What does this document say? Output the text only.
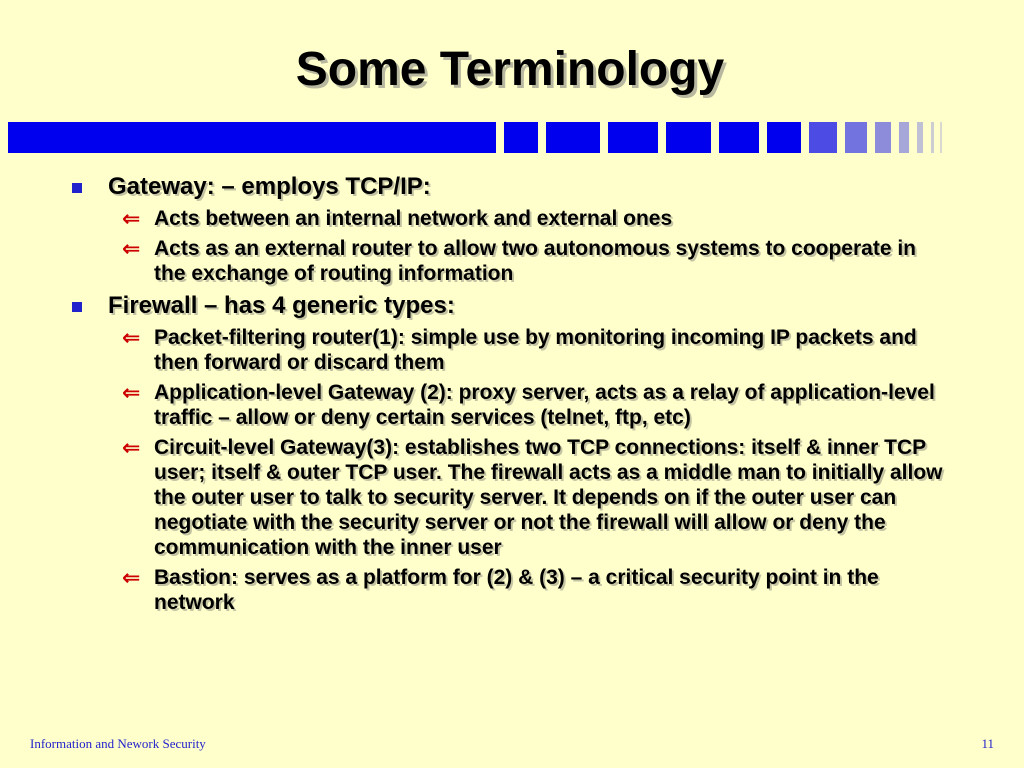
Some Terminology
Gateway: – employs TCP/IP:
⇐ Acts between an internal network and external ones
⇐ Acts as an external router to allow two autonomous systems to cooperate in the exchange of routing information
Firewall – has 4 generic types:
⇐ Packet-filtering router(1): simple use by monitoring incoming IP packets and then forward or discard them
⇐ Application-level Gateway (2): proxy server, acts as a relay of application-level traffic – allow or deny certain services (telnet, ftp, etc)
⇐ Circuit-level Gateway(3): establishes two TCP connections: itself & inner TCP user; itself & outer TCP user. The firewall acts as a middle man to initially allow the outer user to talk to security server. It depends on if the outer user can negotiate with the security server or not the firewall will allow or deny the communication with the inner user
⇐ Bastion: serves as a platform for (2) & (3) – a critical security point in the network
Information and Nework Security	11
